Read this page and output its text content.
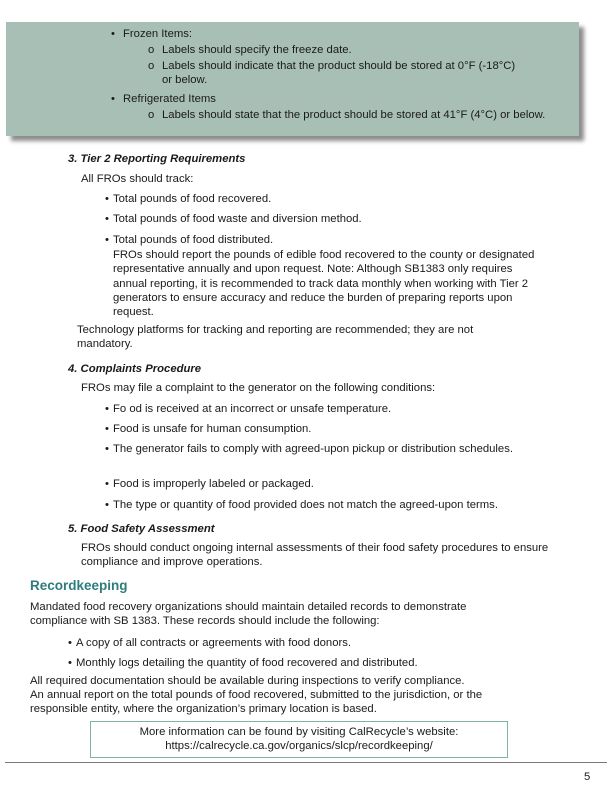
• Frozen Items:
o Labels should specify the freeze date.
o Labels should indicate that the product should be stored at 0°F (-18°C) or below.
• Refrigerated Items
o Labels should state that the product should be stored at 41°F (4°C) or below.
3. Tier 2 Reporting Requirements
All FROs should track:
• Total pounds of food recovered.
• Total pounds of food waste and diversion method.
• Total pounds of food distributed.
FROs should report the pounds of edible food recovered to the county or designated representative annually and upon request. Note: Although SB1383 only requires annual reporting, it is recommended to track data monthly when working with Tier 2 generators to ensure accuracy and reduce the burden of preparing reports upon request.
Technology platforms for tracking and reporting are recommended; they are not mandatory.
4. Complaints Procedure
FROs may file a complaint to the generator on the following conditions:
• Fo od is received at an incorrect or unsafe temperature.
• Food is unsafe for human consumption.
• The generator fails to comply with agreed-upon pickup or distribution schedules.
• Food is improperly labeled or packaged.
• The type or quantity of food provided does not match the agreed-upon terms.
5. Food Safety Assessment
FROs should conduct ongoing internal assessments of their food safety procedures to ensure compliance and improve operations.
Recordkeeping
Mandated food recovery organizations should maintain detailed records to demonstrate compliance with SB 1383. These records should include the following:
• A copy of all contracts or agreements with food donors.
• Monthly logs detailing the quantity of food recovered and distributed.
All required documentation should be available during inspections to verify compliance.
An annual report on the total pounds of food recovered, submitted to the jurisdiction, or the responsible entity, where the organization’s primary location is based.
More information can be found by visiting CalRecycle’s website:
https://calrecycle.ca.gov/organics/slcp/recordkeeping/
5
